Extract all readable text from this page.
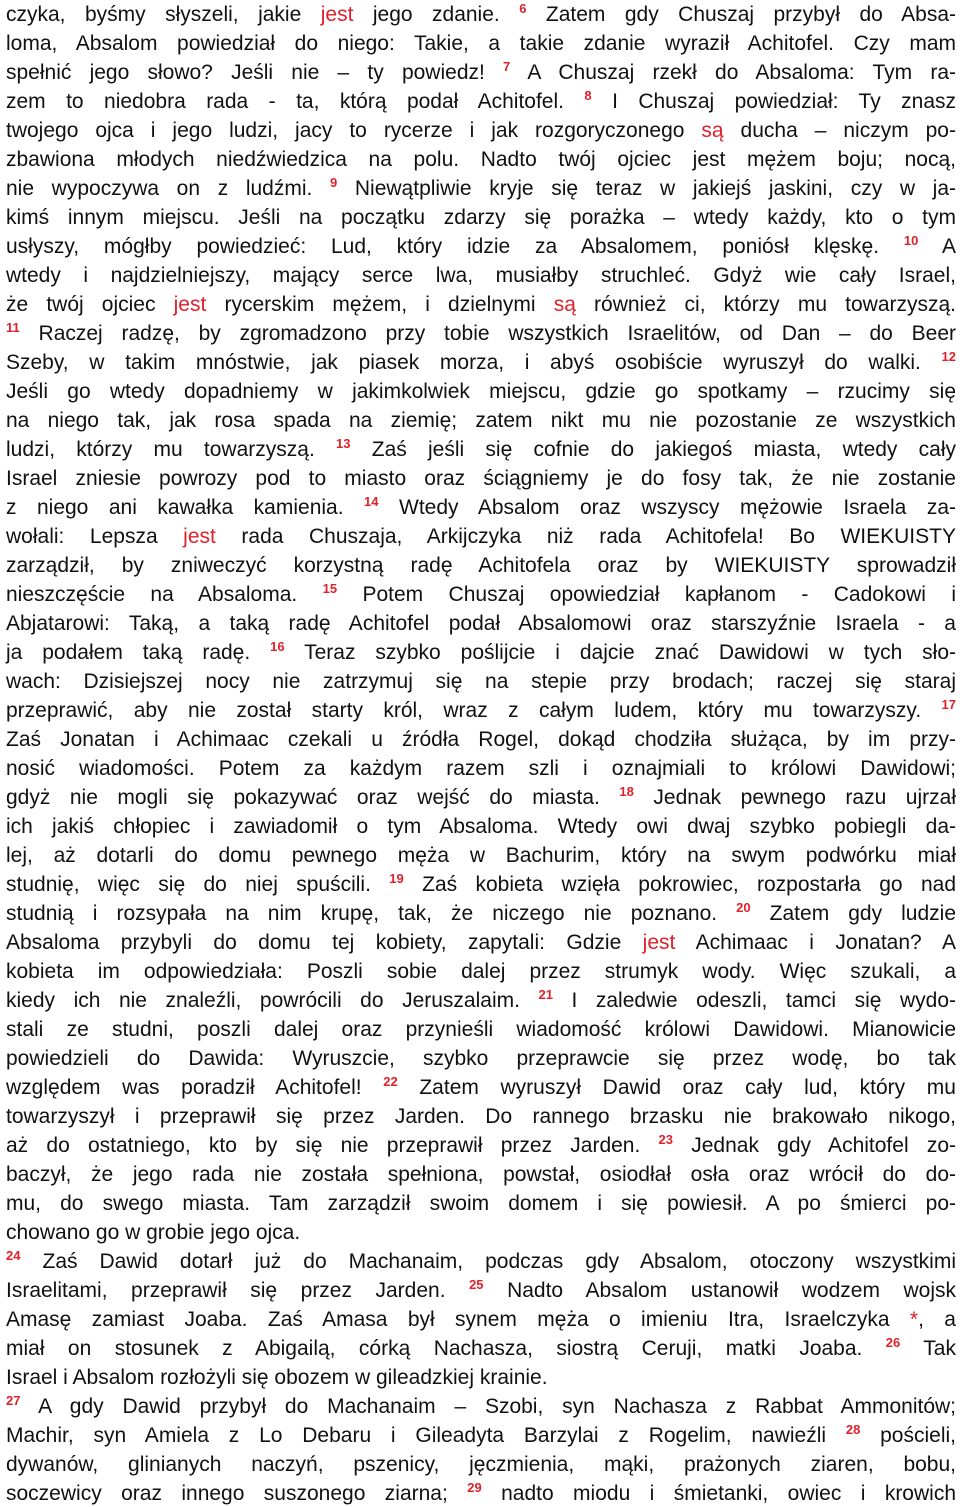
czyka, byśmy słyszeli, jakie jest jego zdanie. $^6$ Zatem gdy Chuszaj przybył do Absa-
loma, Absalom powiedział do niego: Takie, a takie zdanie wyraził Achitofel. Czy mam
spełnić jego słowo? Jeśli nie – ty powiedz! $^7$ A Chuszaj rzekł do Absaloma: Tym ra-
zem to niedobra rada - ta, którą podał Achitofel. $^8$ I Chuszaj powiedział: Ty znasz
twojego ojca i jego ludzi, jacy to rycerze i jak rozgoryczonego są ducha – niczym po-
zbawiona młodych niedźwiedzica na polu. Nadto twój ojciec jest mężem boju; nocą,
nie wypoczywa on z ludźmi. $^9$ Niewątpliwie kryje się teraz w jakiejś jaskini, czy w ja-
kimś innym miejscu. Jeśli na początku zdarzy się porażka – wtedy każdy, kto o tym
usłyszy, mógłby powiedzieć: Lud, który idzie za Absalomem, poniósł klęskę. $^{10}$ A
wtedy i najdzielniejszy, mający serce lwa, musiałby struchleć. Gdyż wie cały Israel,
że twój ojciec jest rycerskim mężem, i dzielnymi są również ci, którzy mu towarzyszą.
$^{11}$ Raczej radzę, by zgromadzono przy tobie wszystkich Israelitów, od Dan – do Beer
Szeby, w takim mnóstwie, jak piasek morza, i abyś osobiście wyruszył do walki. $^{12}$
Jeśli go wtedy dopadniemy w jakimkolwiek miejscu, gdzie go spotkamy – rzucimy się
na niego tak, jak rosa spada na ziemię; zatem nikt mu nie pozostanie ze wszystkich
ludzi, którzy mu towarzyszą. $^{13}$ Zaś jeśli się cofnie do jakiegoś miasta, wtedy cały
Israel zniesie powrozy pod to miasto oraz ściągniemy je do fosy tak, że nie zostanie
z niego ani kawałka kamienia. $^{14}$ Wtedy Absalom oraz wszyscy mężowie Israela za-
wołali: Lepsza jest rada Chuszaja, Arkijczyka niż rada Achitofela! Bo WIEKUISTY
zarządził, by zniweczyć korzystną radę Achitofela oraz by WIEKUISTY sprowadził
nieszczęście na Absaloma. $^{15}$ Potem Chuszaj opowiedział kapłanom - Cadokowi i
Abjatarowi: Taką, a taką radę Achitofel podał Absalomowi oraz starszyźnie Israela - a
ja podałem taką radę. $^{16}$ Teraz szybko poślijcie i dajcie znać Dawidowi w tych sło-
wach: Dzisiejszej nocy nie zatrzymuj się na stepie przy brodach; raczej się staraj
przeprawić, aby nie został starty król, wraz z całym ludem, który mu towarzyszy. $^{17}$
Zaś Jonatan i Achimaac czekali u źródła Rogel, dokąd chodziła służąca, by im przy-
nosić wiadomości. Potem za każdym razem szli i oznajmiali to królowi Dawidowi;
gdyż nie mogli się pokazywać oraz wejść do miasta. $^{18}$ Jednak pewnego razu ujrzał
ich jakiś chłopiec i zawiadomił o tym Absaloma. Wtedy owi dwaj szybko pobiegli da-
lej, aż dotarli do domu pewnego męża w Bachurim, który na swym podwórku miał
studnię, więc się do niej spuścili. $^{19}$ Zaś kobieta wzięła pokrowiec, rozpostarła go nad
studnią i rozsypała na nim krupę, tak, że niczego nie poznano. $^{20}$ Zatem gdy ludzie
Absaloma przybyli do domu tej kobiety, zapytali: Gdzie jest Achimaac i Jonatan? A
kobieta im odpowiedziała: Poszli sobie dalej przez strumyk wody. Więc szukali, a
kiedy ich nie znaleźli, powrócili do Jeruszalaim. $^{21}$ I zaledwie odeszli, tamci się wydo-
stali ze studni, poszli dalej oraz przynieśli wiadomość królowi Dawidowi. Mianowicie
powiedzieli do Dawida: Wyruszcie, szybko przeprawcie się przez wodę, bo tak
względem was poradził Achitofel! $^{22}$ Zatem wyruszył Dawid oraz cały lud, który mu
towarzyszył i przeprawił się przez Jarden. Do rannego brzasku nie brakowało nikogo,
aż do ostatniego, kto by się nie przeprawił przez Jarden. $^{23}$ Jednak gdy Achitofel zo-
baczył, że jego rada nie została spełniona, powstał, osiodłał osła oraz wrócił do do-
mu, do swego miasta. Tam zarządził swoim domem i się powiesił. A po śmierci po-
chowano go w grobie jego ojca.
$^{24}$ Zaś Dawid dotarł już do Machanaim, podczas gdy Absalom, otoczony wszystkimi
Israelitami, przeprawił się przez Jarden. $^{25}$ Nadto Absalom ustanowił wodzem wojsk
Amasę zamiast Joaba. Zaś Amasa był synem męża o imieniu Itra, Israelczyka *, a
miał on stosunek z Abigailą, córką Nachasza, siostrą Ceruji, matki Joaba. $^{26}$ Tak
Israel i Absalom rozłożyli się obozem w gileadzkiej krainie.
$^{27}$ A gdy Dawid przybył do Machanaim – Szobi, syn Nachasza z Rabbat Ammonitów;
Machir, syn Amiela z Lo Debaru i Gileadyta Barzylai z Rogelim, nawieźli $^{28}$ pościeli,
dywanów, glinianych naczyń, pszenicy, jęczmienia, mąki, prażonych ziaren, bobu,
soczewicy oraz innego suszonego ziarna; $^{29}$ nadto miodu i śmietanki, owiec i krowich
